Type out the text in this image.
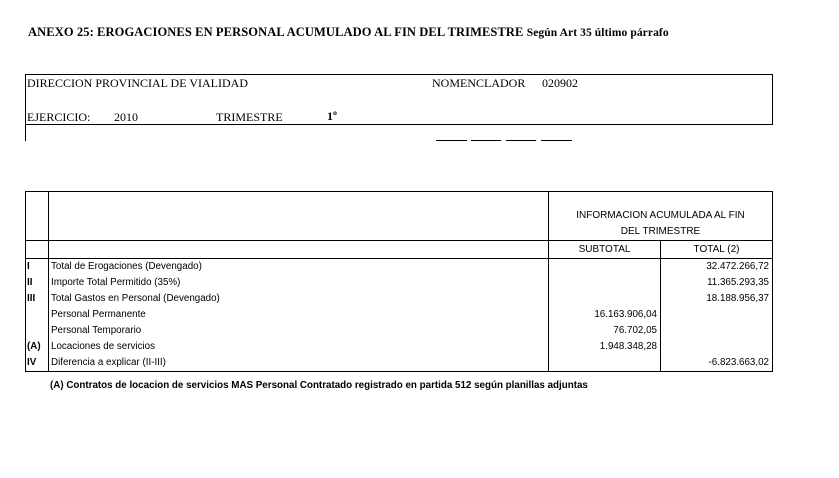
ANEXO 25: EROGACIONES EN PERSONAL ACUMULADO AL FIN DEL TRIMESTRE Según Art 35 último párrafo
DIRECCION PROVINCIAL DE VIALIDAD	NOMENCLADOR 020902
EJERCICIO: 2010	TRIMESTRE	1º

		INFORMACION ACUMULADA AL FIN	
		DEL TRIMESTRE	
		SUBTOTAL	TOTAL (2)
I	Total de Erogaciones (Devengado)		32.472.266,72
II	Importe Total Permitido (35%)		11.365.293,35
III	Total Gastos en Personal (Devengado)		18.188.956,37
	Personal Permanente	16.163.906,04	
	Personal Temporario	76.702,05	
(A)	Locaciones de servicios	1.948.348,28	
IV	Diferencia a explicar (II-III)		-6.823.663,02
(A) Contratos de locacion de servicios MAS Personal Contratado registrado en partida 512 según planillas adjuntas
